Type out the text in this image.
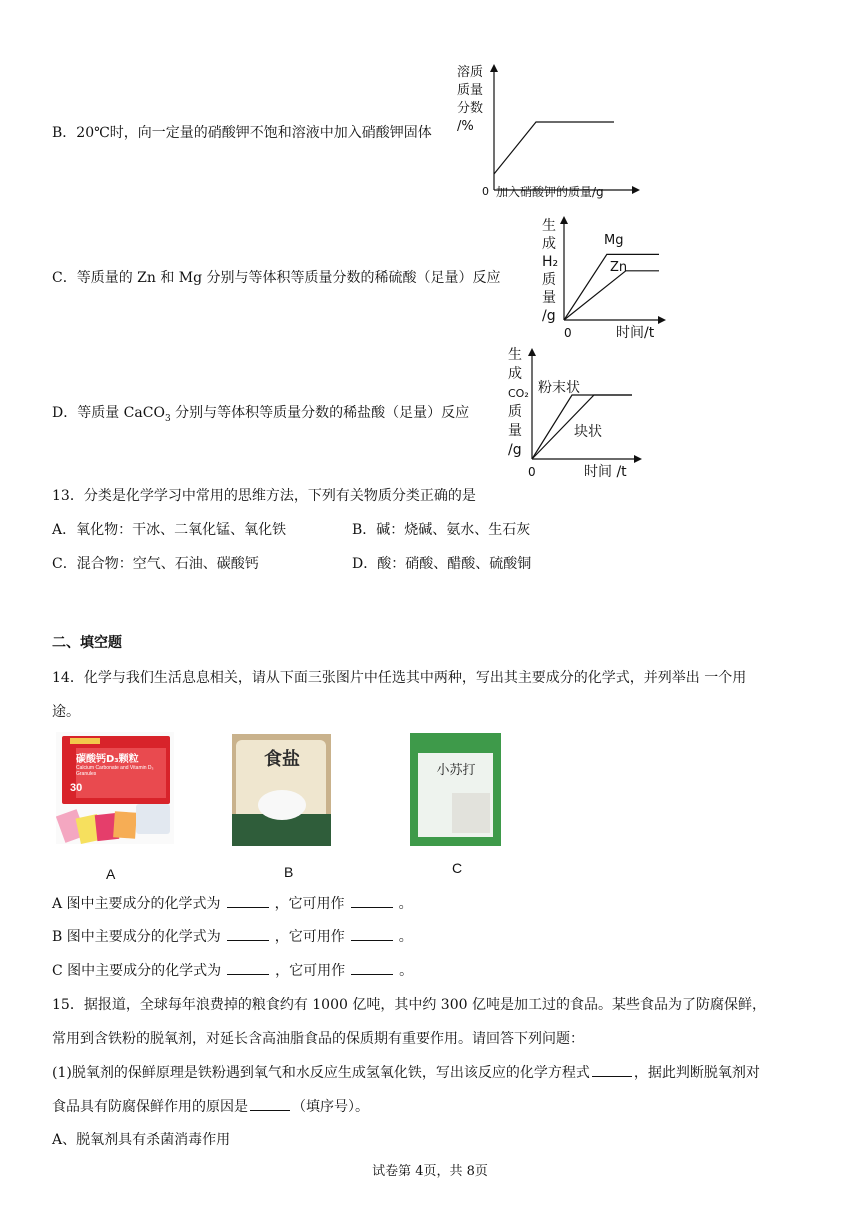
B．20℃时，向一定量的硝酸钾不饱和溶液中加入硝酸钾固体
溶质
质量
分数
/%
0 加入硝酸钾的质量/g
C．等质量的 Zn 和 Mg 分别与等体积等质量分数的稀硫酸（足量）反应
生
成
H₂
质
量
/g
Mg
Zn
0	时间/t
D．等质量 CaCO$_3$ 分别与等体积等质量分数的稀盐酸（足量）反应
生
成
CO₂
质
量
/g
粉末状
块状
0	时间 /t
13．分类是化学学习中常用的思维方法，下列有关物质分类正确的是
A．氧化物：干冰、二氧化锰、氧化铁	B．碱：烧碱、氨水、生石灰
C．混合物：空气、石油、碳酸钙	D．酸：硝酸、醋酸、硫酸铜
二、填空题
14．化学与我们生活息息相关，请从下面三张图片中任选其中两种，写出其主要成分的化学式，并列举出 一个用
途。
碳酸钙D₃颗粒
Calcium Carbonate and Vitamin D₃ Granules
30
A
食盐
B
小苏打
C
A 图中主要成分的化学式为	，它可用作	。
B 图中主要成分的化学式为	，它可用作	。
C 图中主要成分的化学式为	，它可用作	。
15．据报道，全球每年浪费掉的粮食约有 1000 亿吨，其中约 300 亿吨是加工过的食品。某些食品为了防腐保鲜，
常用到含铁粉的脱氧剂，对延长含高油脂食品的保质期有重要作用。请回答下列问题：
(1)脱氧剂的保鲜原理是铁粉遇到氧气和水反应生成氢氧化铁，写出该反应的化学方程式	，据此判断脱氧剂对
食品具有防腐保鲜作用的原因是	（填序号）。
A、脱氧剂具有杀菌消毒作用
试卷第 4页，共 8页
